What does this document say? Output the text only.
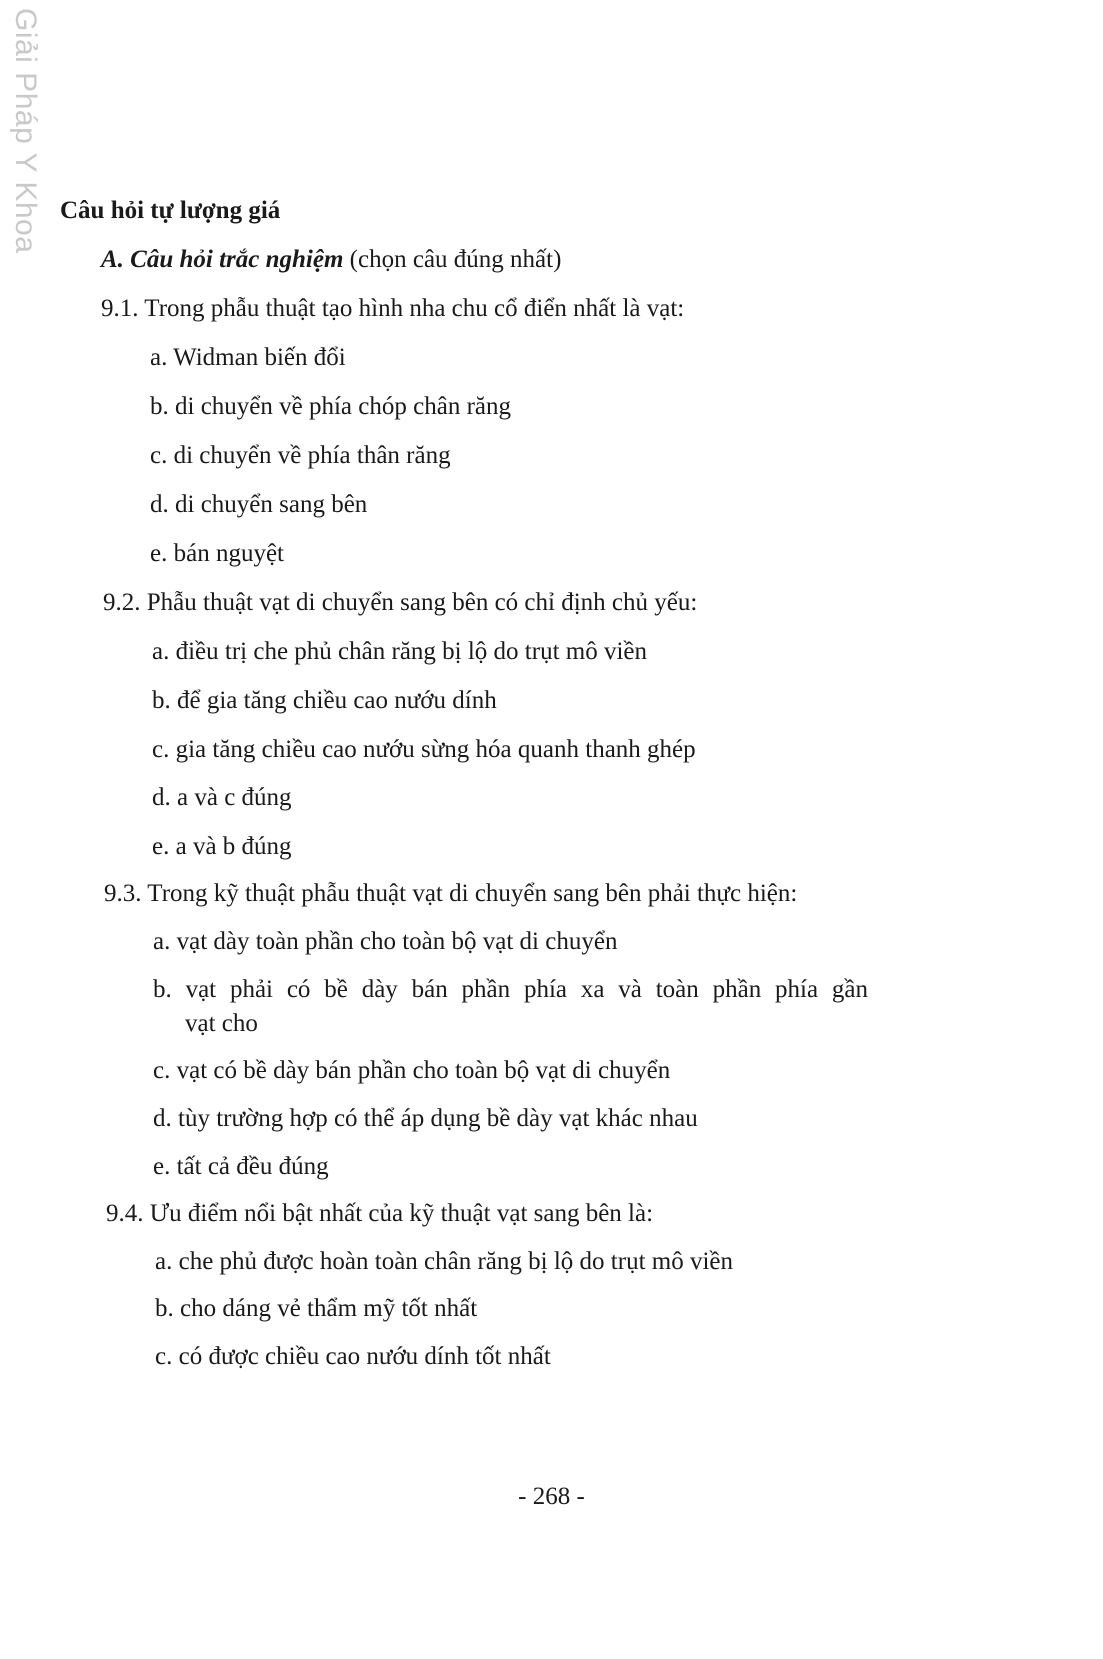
Giải Pháp Y Khoa Câu hỏi tự lượng giá
A. Câu hỏi trắc nghiệm (chọn câu đúng nhất)
9.1. Trong phẫu thuật tạo hình nha chu cổ điển nhất là vạt:
a. Widman biến đổi
b. di chuyển về phía chóp chân răng
c. di chuyển về phía thân răng
d. di chuyển sang bên
e. bán nguyệt
9.2. Phẫu thuật vạt di chuyển sang bên có chỉ định chủ yếu:
a. điều trị che phủ chân răng bị lộ do trụt mô viền
b. để gia tăng chiều cao nướu dính
c. gia tăng chiều cao nướu sừng hóa quanh thanh ghép
d. a và c đúng
e. a và b đúng
9.3. Trong kỹ thuật phẫu thuật vạt di chuyển sang bên phải thực hiện:
a. vạt dày toàn phần cho toàn bộ vạt di chuyển
b. vạt phải có bề dày bán phần phía xa và toàn phần phía gần
vạt cho
c. vạt có bề dày bán phần cho toàn bộ vạt di chuyển
d. tùy trường hợp có thể áp dụng bề dày vạt khác nhau
e. tất cả đều đúng
9.4. Ưu điểm nổi bật nhất của kỹ thuật vạt sang bên là:
a. che phủ được hoàn toàn chân răng bị lộ do trụt mô viền
b. cho dáng vẻ thẩm mỹ tốt nhất
c. có được chiều cao nướu dính tốt nhất
- 268 -
